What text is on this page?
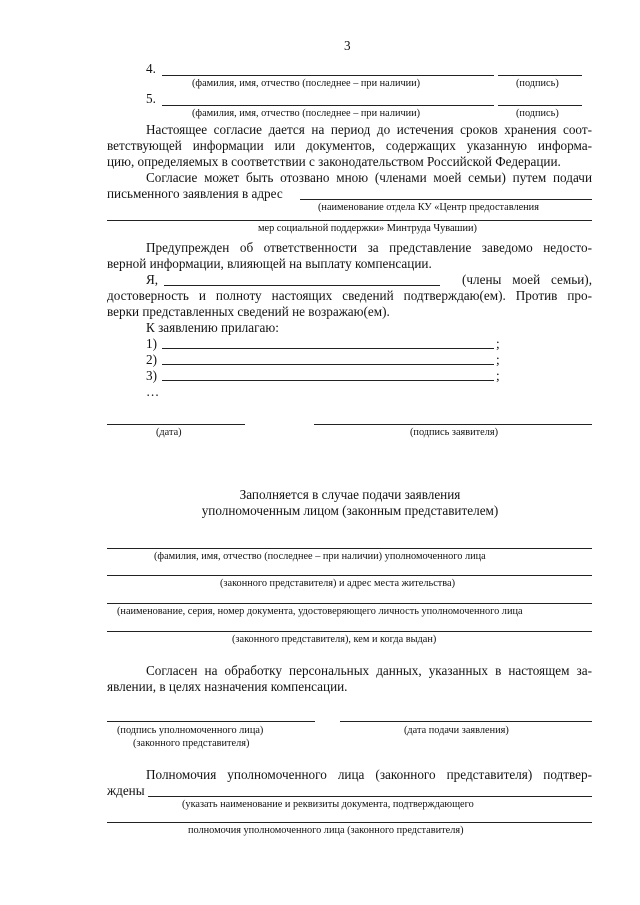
3
4.
(фамилия, имя, отчество (последнее – при наличии)	(подпись)
5.
(фамилия, имя, отчество (последнее – при наличии)	(подпись)
Настоящее согласие дается на период до истечения сроков хранения соот-
ветствующей информации или документов, содержащих указанную информа-
цию, определяемых в соответствии с законодательством Российской Федерации.
Согласие может быть отозвано мною (членами моей семьи) путем подачи
письменного заявления в адрес
(наименование отдела КУ «Центр предоставления
мер социальной поддержки» Минтруда Чувашии)
Предупрежден об ответственности за представление заведомо недосто-
верной информации, влияющей на выплату компенсации.
Я,	(члены моей семьи),
достоверность и полноту настоящих сведений подтверждаю(ем). Против про-
верки представленных сведений не возражаю(ем).
К заявлению прилагаю:
1)	;
2)	;
3)	;
…
(дата)	(подпись заявителя)
Заполняется в случае подачи заявления
уполномоченным лицом (законным представителем)
(фамилия, имя, отчество (последнее – при наличии) уполномоченного лица
(законного представителя) и адрес места жительства)
(наименование, серия, номер документа, удостоверяющего личность уполномоченного лица
(законного представителя), кем и когда выдан)
Согласен на обработку персональных данных, указанных в настоящем за-
явлении, в целях назначения компенсации.
(подпись уполномоченного лица)
(законного представителя)
(дата подачи заявления)
Полномочия уполномоченного лица (законного представителя) подтвер-
ждены
(указать наименование и реквизиты документа, подтверждающего
полномочия уполномоченного лица (законного представителя)
